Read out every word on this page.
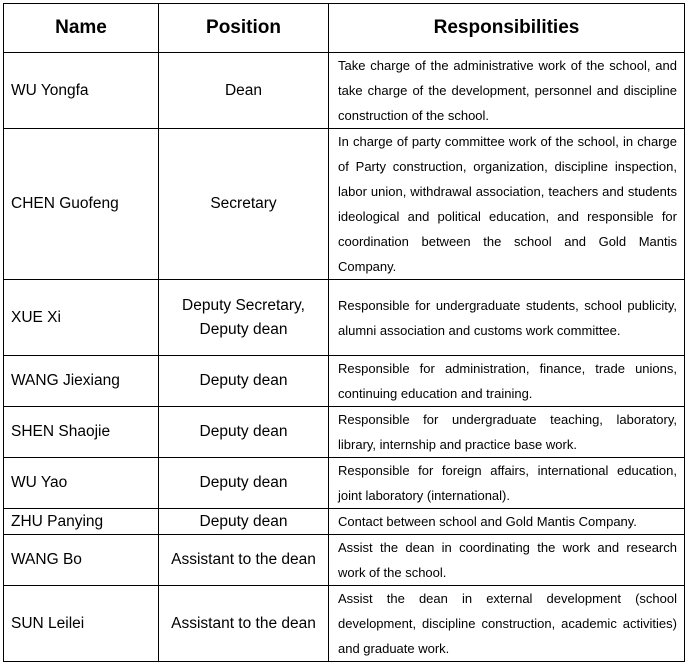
Name	Position	Responsibilities
WU Yongfa	Dean	Take charge of the administrative work of the school, and take charge of the development, personnel and discipline construction of the school.
CHEN Guofeng	Secretary	In charge of party committee work of the school, in charge of Party construction, organization, discipline inspection, labor union, withdrawal association, teachers and students ideological and political education, and responsible for coordination between the school and Gold Mantis Company.
XUE Xi	Deputy Secretary, Deputy dean	Responsible for undergraduate students, school publicity, alumni association and customs work committee.
WANG Jiexiang	Deputy dean	Responsible for administration, finance, trade unions, continuing education and training.
SHEN Shaojie	Deputy dean	Responsible for undergraduate teaching, laboratory, library, internship and practice base work.
WU Yao	Deputy dean	Responsible for foreign affairs, international education, joint laboratory (international).
ZHU Panying	Deputy dean	Contact between school and Gold Mantis Company.
WANG Bo	Assistant to the dean	Assist the dean in coordinating the work and research work of the school.
SUN Leilei	Assistant to the dean	Assist the dean in external development (school development, discipline construction, academic activities) and graduate work.
